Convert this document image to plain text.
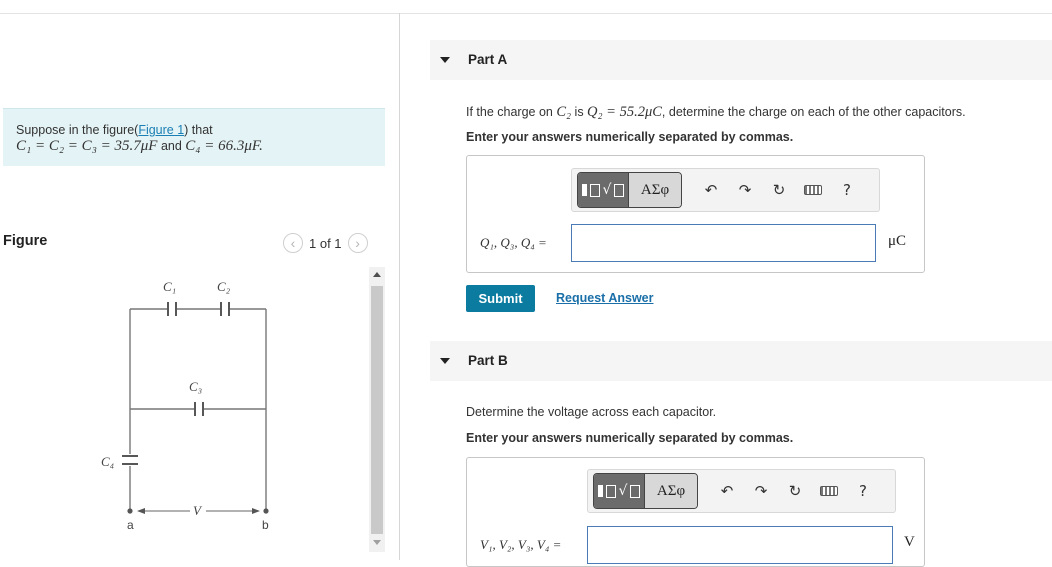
Suppose in the figure(Figure 1) that
C₁ = C₂ = C₃ = 35.7μF and C₄ = 66.3μF.
Figure	‹ 1 of 1 ›
C₁	C₂
C₃
C₄
V
a	b
Part A
If the charge on C₂ is Q₂ = 55.2μC, determine the charge on each of the other capacitors.
Enter your answers numerically separated by commas.
√	ΑΣφ	↶	↷	↻	?
Q₁, Q₃, Q₄ =	μC
Submit	Request Answer
Part B
Determine the voltage across each capacitor.
Enter your answers numerically separated by commas.
√	ΑΣφ	↶	↷	↻	?
V₁, V₂, V₃, V₄ =	V
